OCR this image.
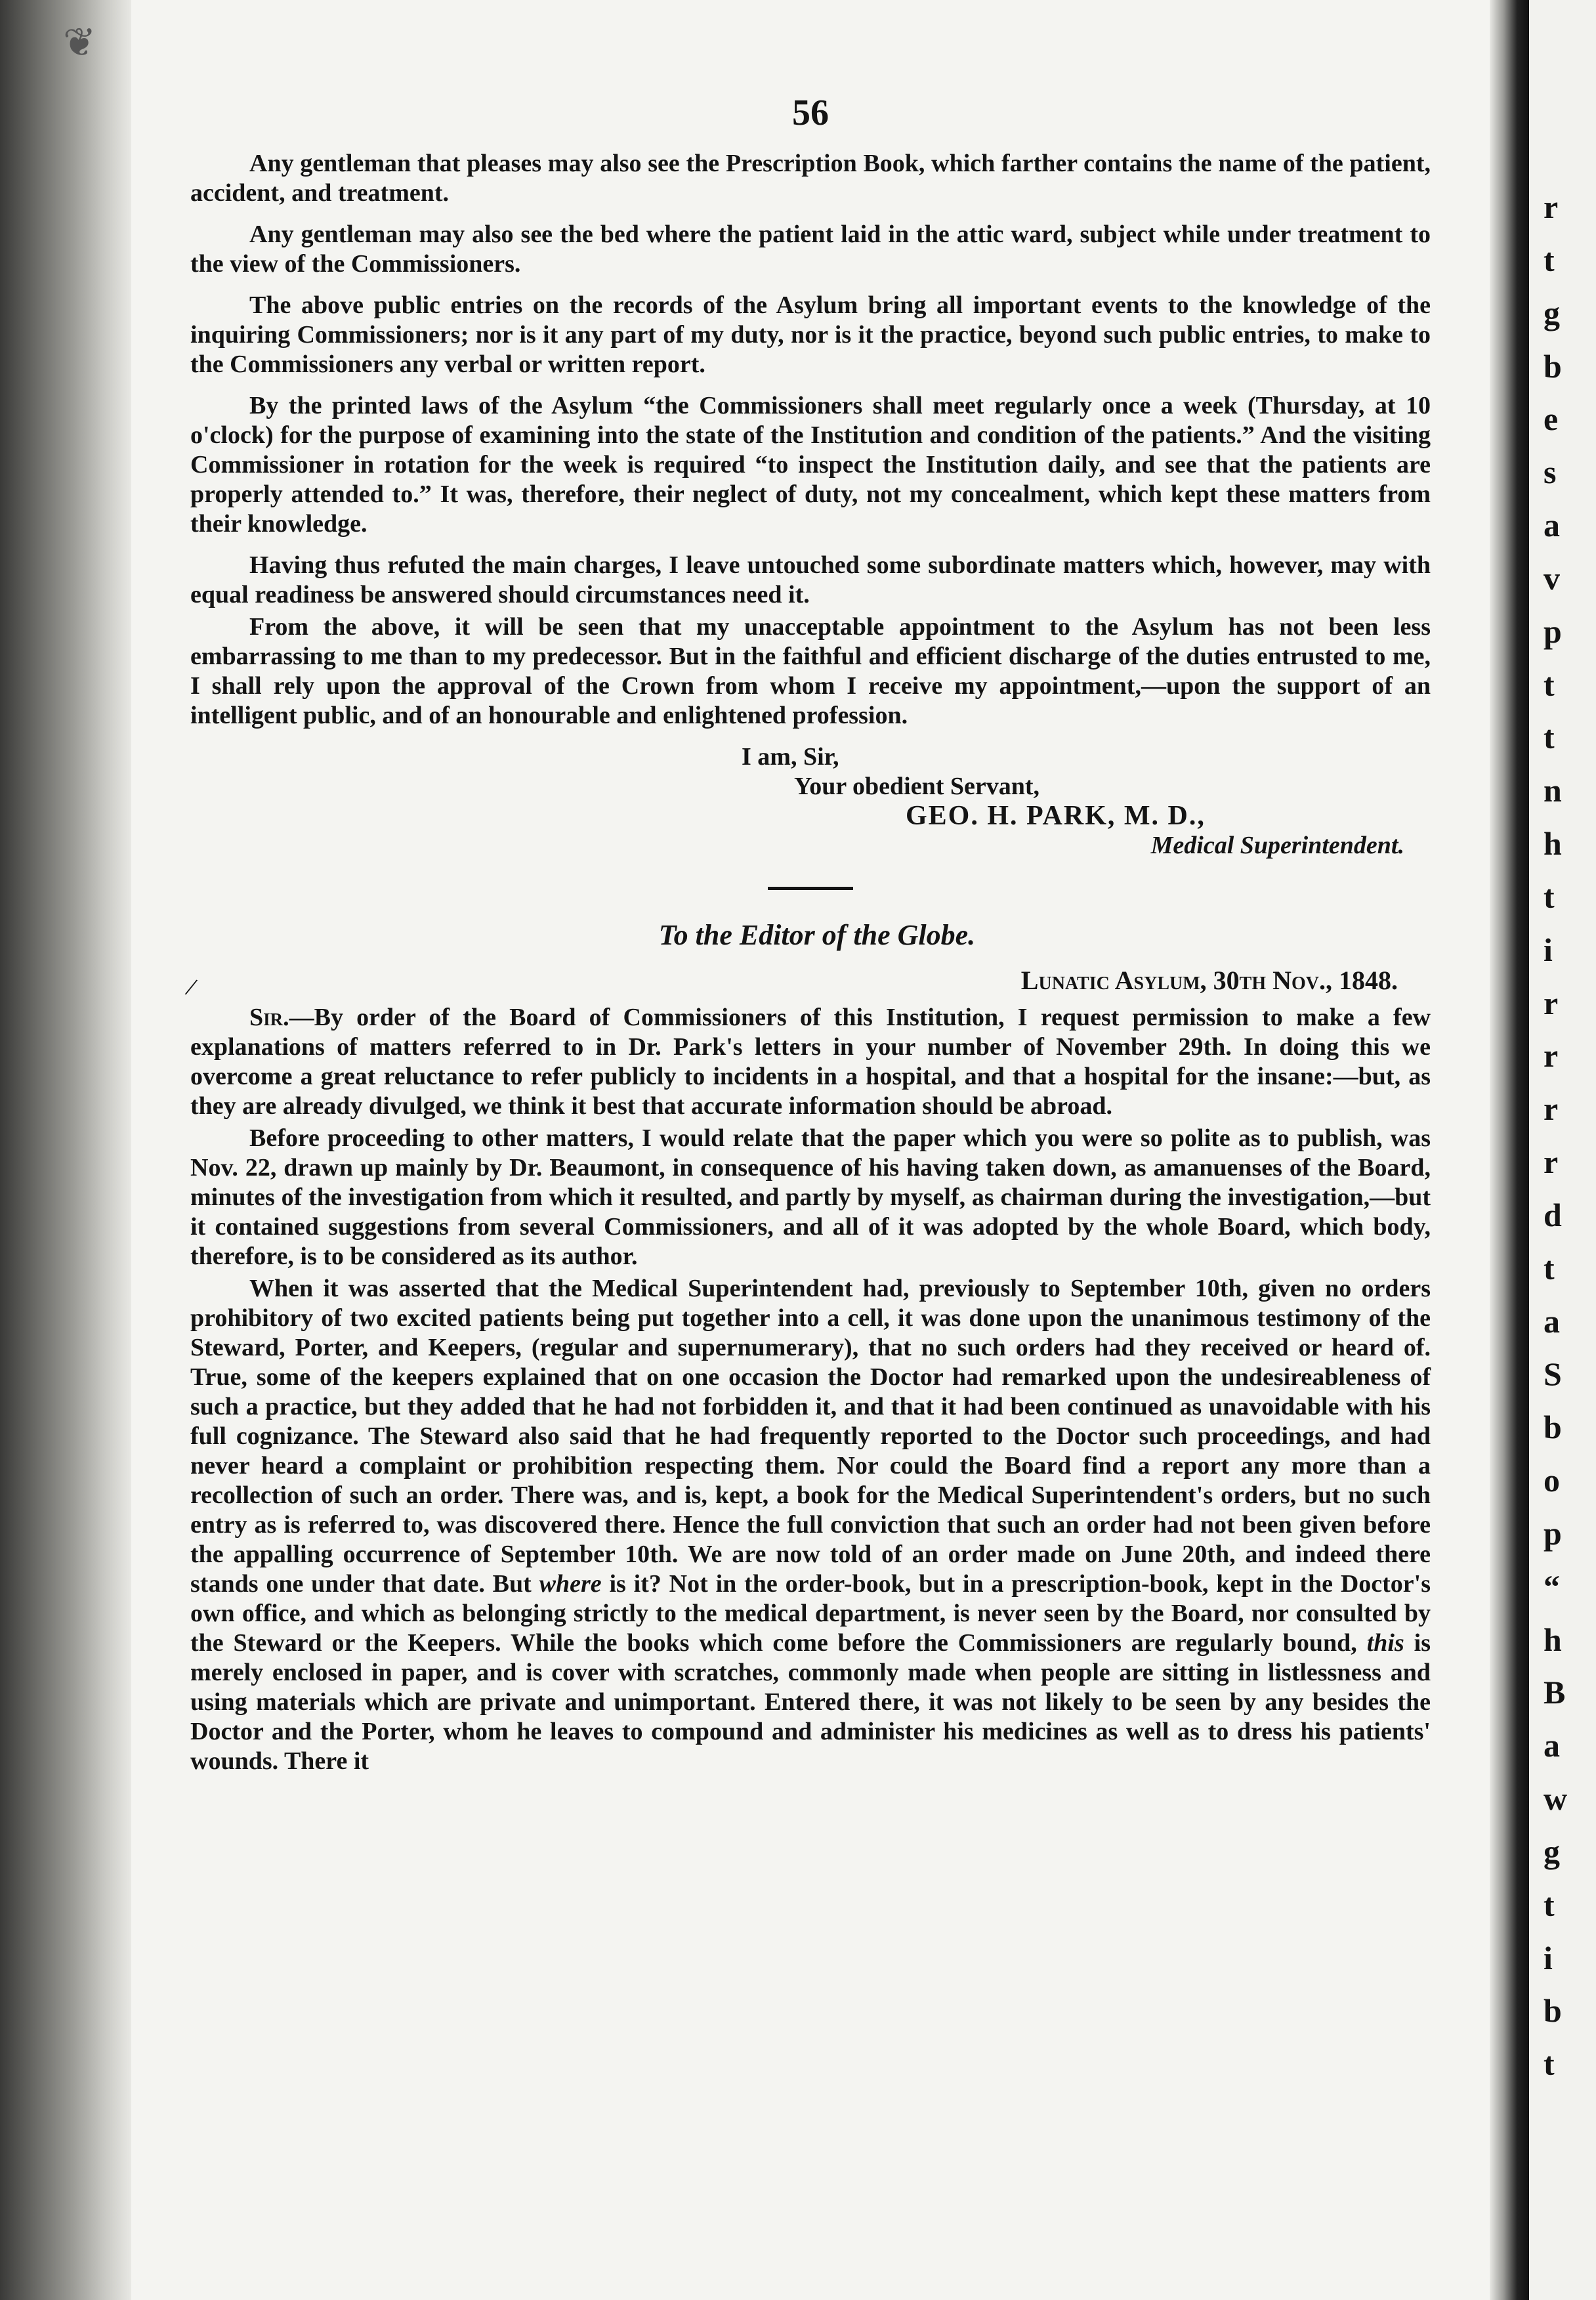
❦
56

Any gentleman that pleases may also see the Prescription Book, which farther contains the name of the patient, accident, and treatment.

Any gentleman may also see the bed where the patient laid in the attic ward, subject while under treatment to the view of the Commissioners.

The above public entries on the records of the Asylum bring all important events to the knowledge of the inquiring Commissioners; nor is it any part of my duty, nor is it the practice, beyond such public entries, to make to the Commissioners any verbal or written report.

By the printed laws of the Asylum “the Commissioners shall meet regularly once a week (Thursday, at 10 o'clock) for the purpose of examining into the state of the Institution and condition of the patients.” And the visiting Commissioner in rotation for the week is required “to inspect the Institution daily, and see that the patients are properly attended to.” It was, therefore, their neglect of duty, not my concealment, which kept these matters from their knowledge.

Having thus refuted the main charges, I leave untouched some subordinate matters which, however, may with equal readiness be answered should circumstances need it.

From the above, it will be seen that my unacceptable appointment to the Asylum has not been less embarrassing to me than to my predecessor. But in the faithful and efficient discharge of the duties entrusted to me, I shall rely upon the approval of the Crown from whom I receive my appointment,—upon the support of an intelligent public, and of an honourable and enlightened profession.

I am, Sir,

Your obedient Servant,

GEO. H. PARK, M. D.,

Medical Superintendent.

To the Editor of the Globe.
Lunatic Asylum, 30th Nov., 1848.

Sir.—By order of the Board of Commissioners of this Institution, I request permission to make a few explanations of matters referred to in Dr. Park's letters in your number of November 29th. In doing this we overcome a great reluctance to refer publicly to incidents in a hospital, and that a hospital for the insane:—but, as they are already divulged, we think it best that accurate information should be abroad.

Before proceeding to other matters, I would relate that the paper which you were so polite as to publish, was Nov. 22, drawn up mainly by Dr. Beaumont, in consequence of his having taken down, as amanuenses of the Board, minutes of the investigation from which it resulted, and partly by myself, as chairman during the investigation,—but it contained suggestions from several Commissioners, and all of it was adopted by the whole Board, which body, therefore, is to be considered as its author.

When it was asserted that the Medical Superintendent had, previously to September 10th, given no orders prohibitory of two excited patients being put together into a cell, it was done upon the unanimous testimony of the Steward, Porter, and Keepers, (regular and supernumerary), that no such orders had they received or heard of. True, some of the keepers explained that on one occasion the Doctor had remarked upon the undesireableness of such a practice, but they added that he had not forbidden it, and that it had been continued as unavoidable with his full cognizance. The Steward also said that he had frequently reported to the Doctor such proceedings, and had never heard a complaint or prohibition respecting them. Nor could the Board find a report any more than a recollection of such an order. There was, and is, kept, a book for the Medical Superintendent's orders, but no such entry as is referred to, was discovered there. Hence the full conviction that such an order had not been given before the appalling occurrence of September 10th. We are now told of an order made on June 20th, and indeed there stands one under that date. But where is it? Not in the order-book, but in a prescription-book, kept in the Doctor's own office, and which as belonging strictly to the medical department, is never seen by the Board, nor consulted by the Steward or the Keepers. While the books which come before the Commissioners are regularly bound, this is merely enclosed in paper, and is cover with scratches, commonly made when people are sitting in listlessness and using materials which are private and unimportant. Entered there, it was not likely to be seen by any besides the Doctor and the Porter, whom he leaves to compound and administer his medicines as well as to dress his patients' wounds. There it

/
r
t
g
b
e
s
a
v
p
t
t
n
h
t
i
r
r
r
r
d
t
a
S
b
o
p
“
h
B
a
w
g
t
i
b
t
